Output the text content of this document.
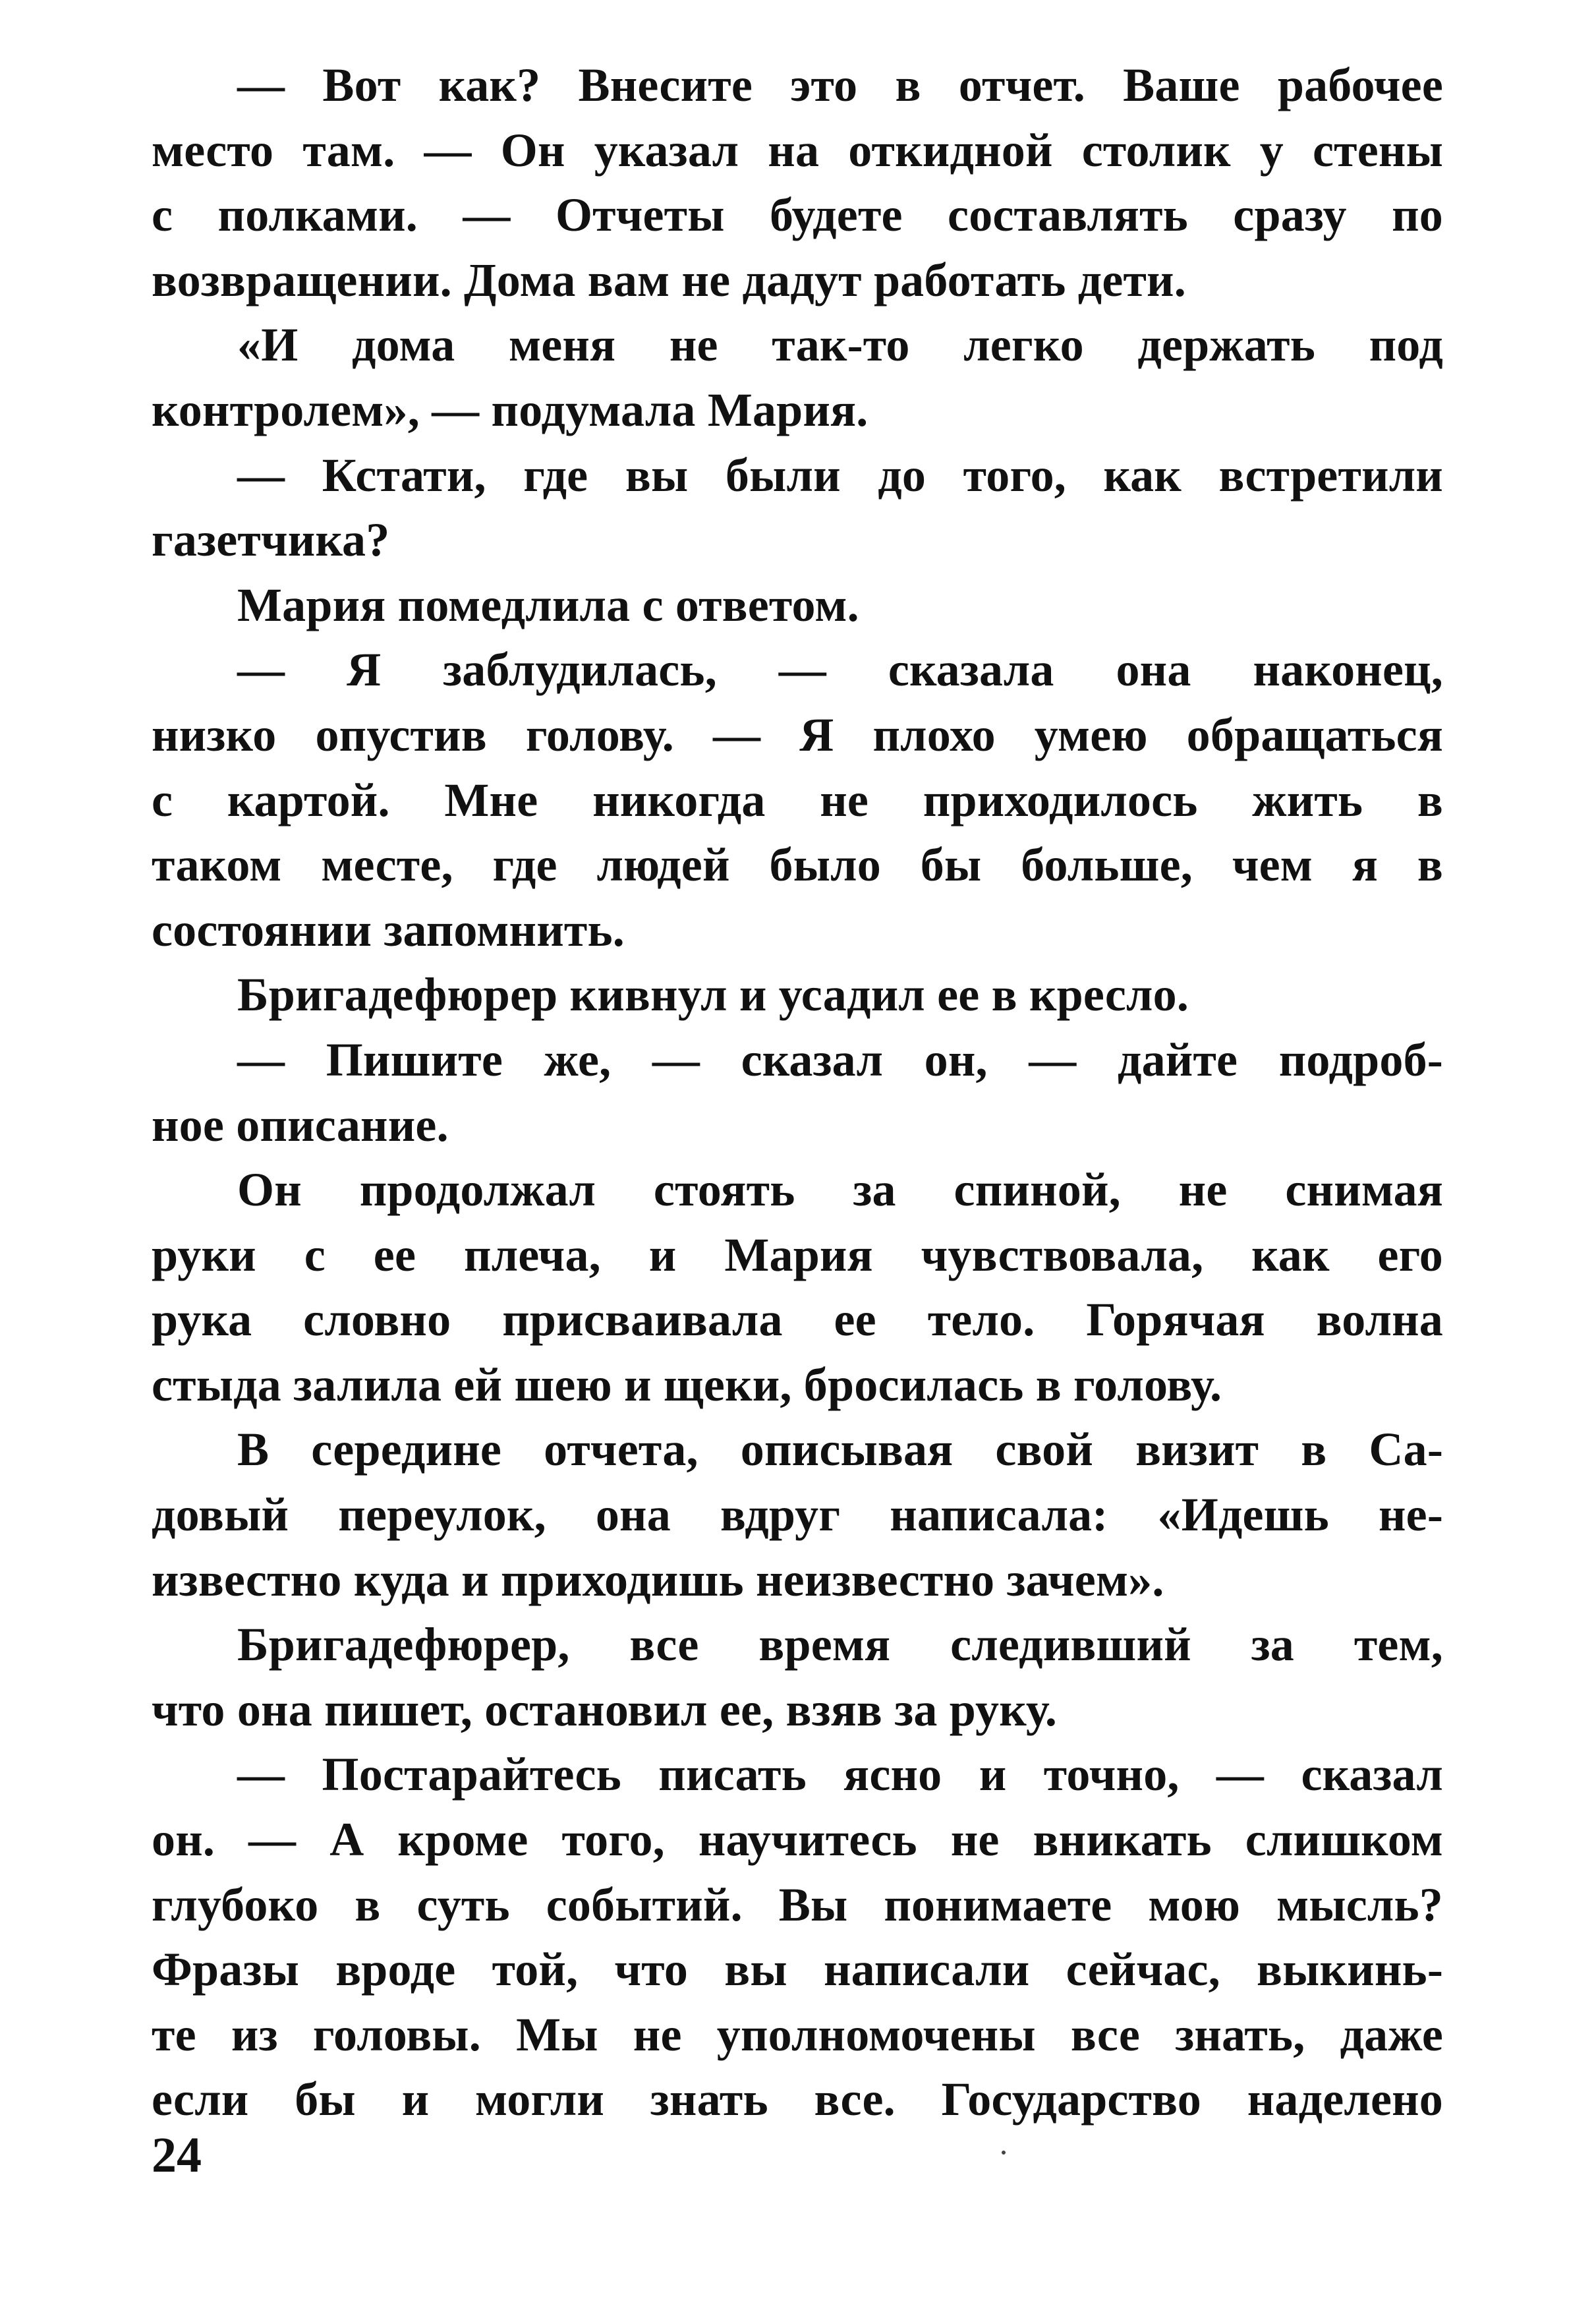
— Вот как? Внесите это в отчет. Ваше рабочее
место там. — Он указал на откидной столик у стены
с полками. — Отчеты будете составлять сразу по
возвращении. Дома вам не дадут работать дети.
«И дома меня не так-то легко держать под
контролем», — подумала Мария.
— Кстати, где вы были до того, как встретили
газетчика?
Мария помедлила с ответом.
— Я заблудилась, — сказала она наконец,
низко опустив голову. — Я плохо умею обращаться
с картой. Мне никогда не приходилось жить в
таком месте, где людей было бы больше, чем я в
состоянии запомнить.
Бригадефюрер кивнул и усадил ее в кресло.
— Пишите же, — сказал он, — дайте подроб-
ное описание.
Он продолжал стоять за спиной, не снимая
руки с ее плеча, и Мария чувствовала, как его
рука словно присваивала ее тело. Горячая волна
стыда залила ей шею и щеки, бросилась в голову.
В середине отчета, описывая свой визит в Са-
довый переулок, она вдруг написала: «Идешь не-
известно куда и приходишь неизвестно зачем».
Бригадефюрер, все время следивший за тем,
что она пишет, остановил ее, взяв за руку.
— Постарайтесь писать ясно и точно, — сказал
он. — А кроме того, научитесь не вникать слишком
глубоко в суть событий. Вы понимаете мою мысль?
Фразы вроде той, что вы написали сейчас, выкинь-
те из головы. Мы не уполномочены все знать, даже
если бы и могли знать все. Государство наделено
24
